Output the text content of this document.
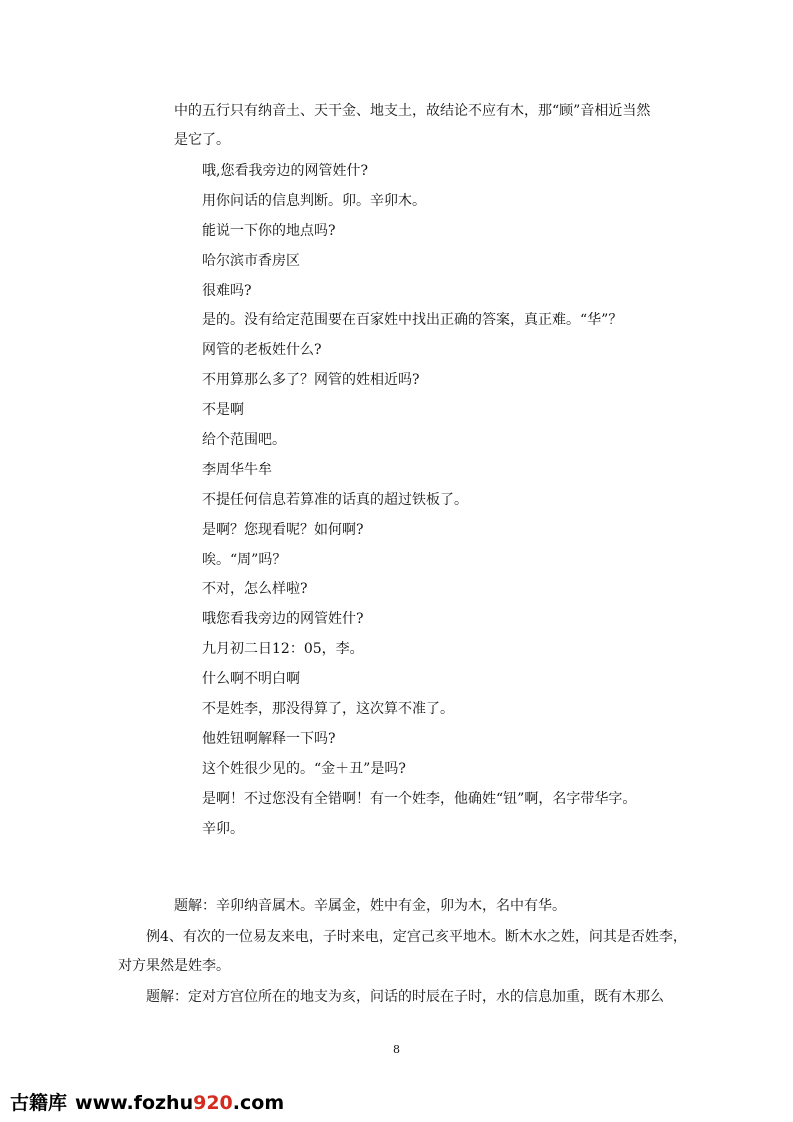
中的五行只有纳音土、天干金、地支土，故结论不应有木，那“顾”音相近当然
是它了。
哦,您看我旁边的网管姓什?
用你问话的信息判断。卯。辛卯木。
能说一下你的地点吗?
哈尔滨市香房区
很难吗?
是的。没有给定范围要在百家姓中找出正确的答案，真正难。“华”？
网管的老板姓什么?
不用算那么多了？网管的姓相近吗?
不是啊
给个范围吧。
李周华牛牟
不提任何信息若算准的话真的超过铁板了。
是啊？您现看呢？如何啊?
唉。“周”吗？
不对，怎么样啦?
哦您看我旁边的网管姓什?
九月初二日12：05，李。
什么啊不明白啊
不是姓李，那没得算了，这次算不准了。
他姓钮啊解释一下吗?
这个姓很少见的。“金＋丑”是吗?
是啊！不过您没有全错啊！有一个姓李，他确姓“钮”啊，名字带华字。
辛卯。
题解：辛卯纳音属木。辛属金，姓中有金，卯为木，名中有华。
例4、有次的一位易友来电，子时来电，定宫己亥平地木。断木水之姓，问其是否姓李，
对方果然是姓李。
题解：定对方宫位所在的地支为亥，问话的时辰在子时，水的信息加重，既有木那么
8
古籍库 www.fozhu920.com
